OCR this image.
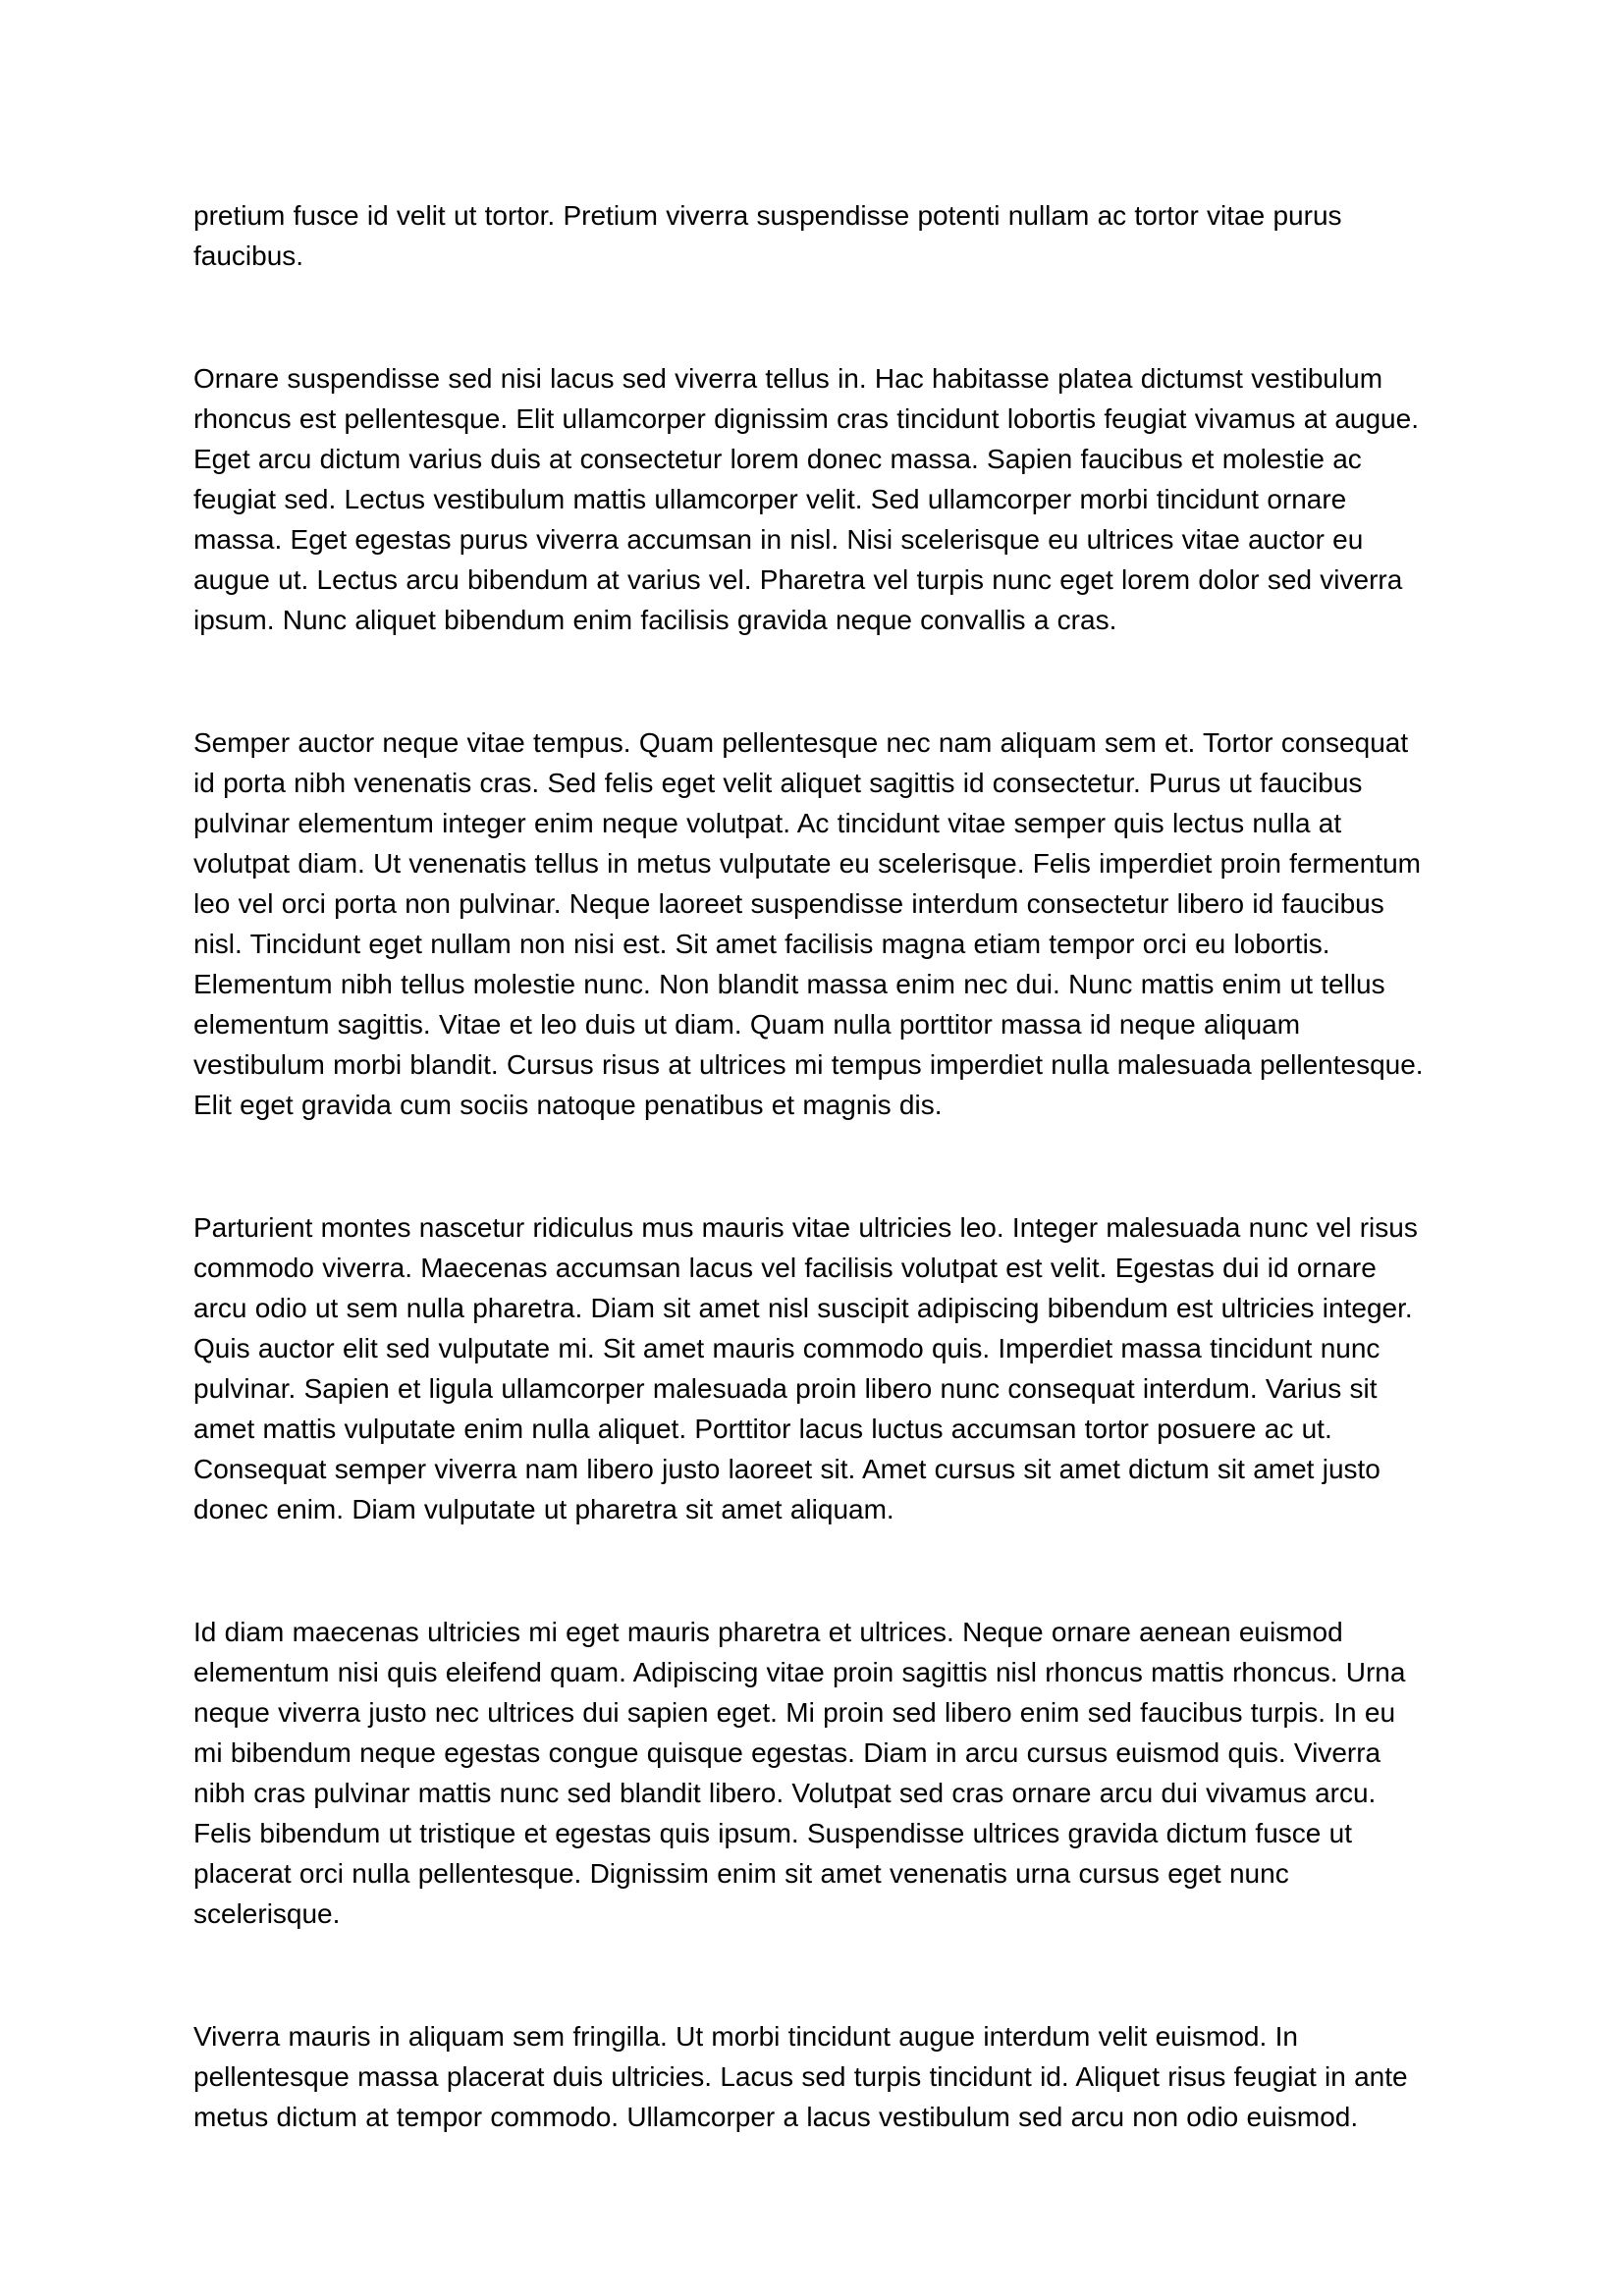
pretium fusce id velit ut tortor. Pretium viverra suspendisse potenti nullam ac tortor vitae purus faucibus.

Ornare suspendisse sed nisi lacus sed viverra tellus in. Hac habitasse platea dictumst vestibulum rhoncus est pellentesque. Elit ullamcorper dignissim cras tincidunt lobortis feugiat vivamus at augue. Eget arcu dictum varius duis at consectetur lorem donec massa. Sapien faucibus et molestie ac feugiat sed. Lectus vestibulum mattis ullamcorper velit. Sed ullamcorper morbi tincidunt ornare massa. Eget egestas purus viverra accumsan in nisl. Nisi scelerisque eu ultrices vitae auctor eu augue ut. Lectus arcu bibendum at varius vel. Pharetra vel turpis nunc eget lorem dolor sed viverra ipsum. Nunc aliquet bibendum enim facilisis gravida neque convallis a cras.

Semper auctor neque vitae tempus. Quam pellentesque nec nam aliquam sem et. Tortor consequat id porta nibh venenatis cras. Sed felis eget velit aliquet sagittis id consectetur. Purus ut faucibus pulvinar elementum integer enim neque volutpat. Ac tincidunt vitae semper quis lectus nulla at volutpat diam. Ut venenatis tellus in metus vulputate eu scelerisque. Felis imperdiet proin fermentum leo vel orci porta non pulvinar. Neque laoreet suspendisse interdum consectetur libero id faucibus nisl. Tincidunt eget nullam non nisi est. Sit amet facilisis magna etiam tempor orci eu lobortis. Elementum nibh tellus molestie nunc. Non blandit massa enim nec dui. Nunc mattis enim ut tellus elementum sagittis. Vitae et leo duis ut diam. Quam nulla porttitor massa id neque aliquam vestibulum morbi blandit. Cursus risus at ultrices mi tempus imperdiet nulla malesuada pellentesque. Elit eget gravida cum sociis natoque penatibus et magnis dis.

Parturient montes nascetur ridiculus mus mauris vitae ultricies leo. Integer malesuada nunc vel risus commodo viverra. Maecenas accumsan lacus vel facilisis volutpat est velit. Egestas dui id ornare arcu odio ut sem nulla pharetra. Diam sit amet nisl suscipit adipiscing bibendum est ultricies integer. Quis auctor elit sed vulputate mi. Sit amet mauris commodo quis. Imperdiet massa tincidunt nunc pulvinar. Sapien et ligula ullamcorper malesuada proin libero nunc consequat interdum. Varius sit amet mattis vulputate enim nulla aliquet. Porttitor lacus luctus accumsan tortor posuere ac ut. Consequat semper viverra nam libero justo laoreet sit. Amet cursus sit amet dictum sit amet justo donec enim. Diam vulputate ut pharetra sit amet aliquam.

Id diam maecenas ultricies mi eget mauris pharetra et ultrices. Neque ornare aenean euismod elementum nisi quis eleifend quam. Adipiscing vitae proin sagittis nisl rhoncus mattis rhoncus. Urna neque viverra justo nec ultrices dui sapien eget. Mi proin sed libero enim sed faucibus turpis. In eu mi bibendum neque egestas congue quisque egestas. Diam in arcu cursus euismod quis. Viverra nibh cras pulvinar mattis nunc sed blandit libero. Volutpat sed cras ornare arcu dui vivamus arcu. Felis bibendum ut tristique et egestas quis ipsum. Suspendisse ultrices gravida dictum fusce ut placerat orci nulla pellentesque. Dignissim enim sit amet venenatis urna cursus eget nunc scelerisque.

Viverra mauris in aliquam sem fringilla. Ut morbi tincidunt augue interdum velit euismod. In pellentesque massa placerat duis ultricies. Lacus sed turpis tincidunt id. Aliquet risus feugiat in ante metus dictum at tempor commodo. Ullamcorper a lacus vestibulum sed arcu non odio euismod.
